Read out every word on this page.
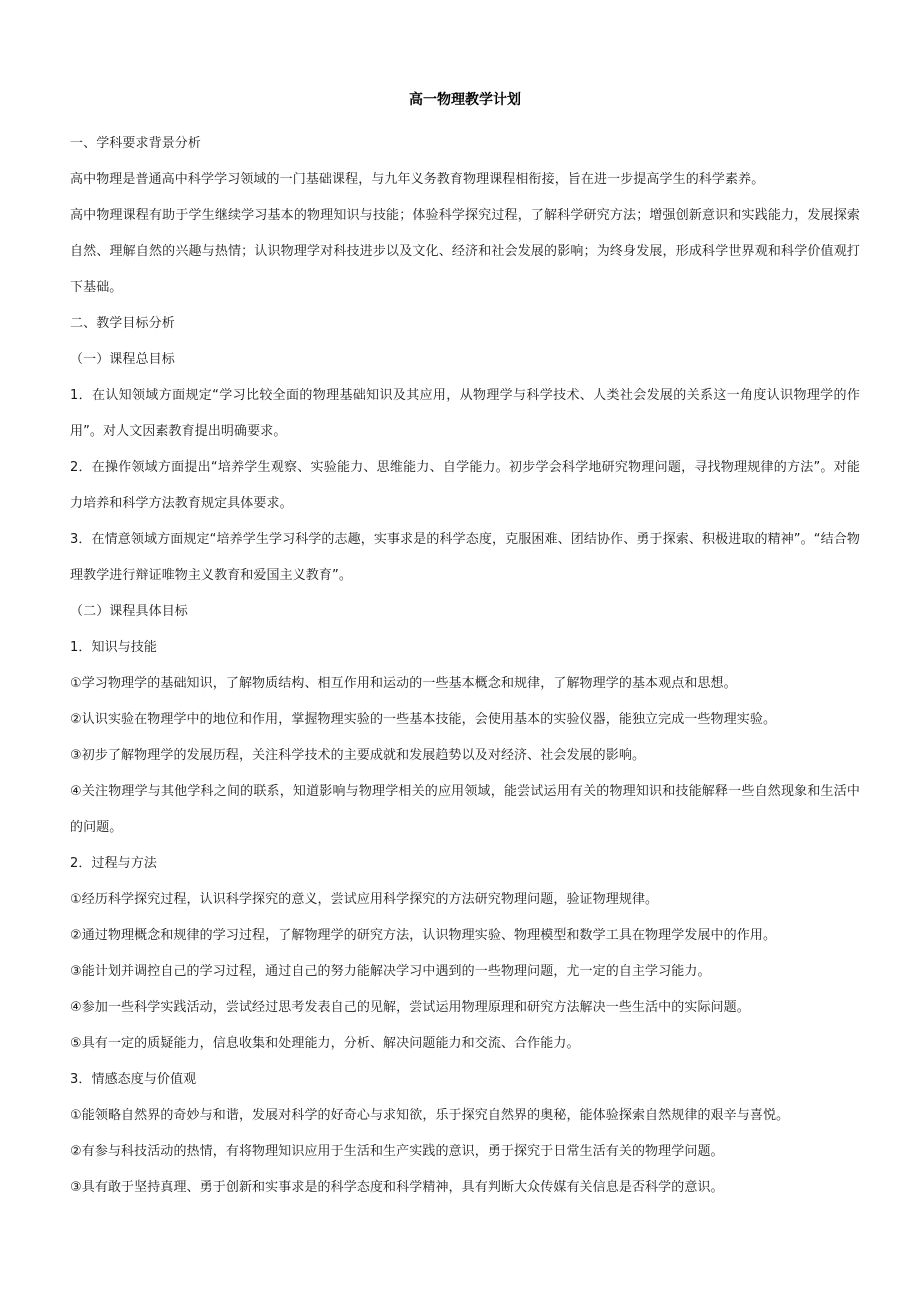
高一物理教学计划

一、学科要求背景分析

高中物理是普通高中科学学习领域的一门基础课程，与九年义务教育物理课程相衔接，旨在进一步提高学生的科学素养。

高中物理课程有助于学生继续学习基本的物理知识与技能；体验科学探究过程，了解科学研究方法；增强创新意识和实践能力，发展探索自然、理解自然的兴趣与热情；认识物理学对科技进步以及文化、经济和社会发展的影响；为终身发展，形成科学世界观和科学价值观打下基础。

二、教学目标分析

（一）课程总目标

1．在认知领域方面规定“学习比较全面的物理基础知识及其应用，从物理学与科学技术、人类社会发展的关系这一角度认识物理学的作用”。对人文因素教育提出明确要求。

2．在操作领域方面提出“培养学生观察、实验能力、思维能力、自学能力。初步学会科学地研究物理问题，寻找物理规律的方法”。对能力培养和科学方法教育规定具体要求。

3．在情意领域方面规定“培养学生学习科学的志趣，实事求是的科学态度，克服困难、团结协作、勇于探索、积极进取的精神”。“结合物理教学进行辩证唯物主义教育和爱国主义教育”。

（二）课程具体目标

1．知识与技能

①学习物理学的基础知识，了解物质结构、相互作用和运动的一些基本概念和规律，了解物理学的基本观点和思想。

②认识实验在物理学中的地位和作用，掌握物理实验的一些基本技能，会使用基本的实验仪器，能独立完成一些物理实验。

③初步了解物理学的发展历程，关注科学技术的主要成就和发展趋势以及对经济、社会发展的影响。

④关注物理学与其他学科之间的联系，知道影响与物理学相关的应用领域，能尝试运用有关的物理知识和技能解释一些自然现象和生活中的问题。

2．过程与方法

①经历科学探究过程，认识科学探究的意义，尝试应用科学探究的方法研究物理问题，验证物理规律。

②通过物理概念和规律的学习过程，了解物理学的研究方法，认识物理实验、物理模型和数学工具在物理学发展中的作用。

③能计划并调控自己的学习过程，通过自己的努力能解决学习中遇到的一些物理问题，尤一定的自主学习能力。

④参加一些科学实践活动，尝试经过思考发表自己的见解，尝试运用物理原理和研究方法解决一些生活中的实际问题。

⑤具有一定的质疑能力，信息收集和处理能力，分析、解决问题能力和交流、合作能力。

3．情感态度与价值观

①能领略自然界的奇妙与和谐，发展对科学的好奇心与求知欲，乐于探究自然界的奥秘，能体验探索自然规律的艰辛与喜悦。

②有参与科技活动的热情，有将物理知识应用于生活和生产实践的意识，勇于探究于日常生活有关的物理学问题。

③具有敢于坚持真理、勇于创新和实事求是的科学态度和科学精神，具有判断大众传媒有关信息是否科学的意识。
